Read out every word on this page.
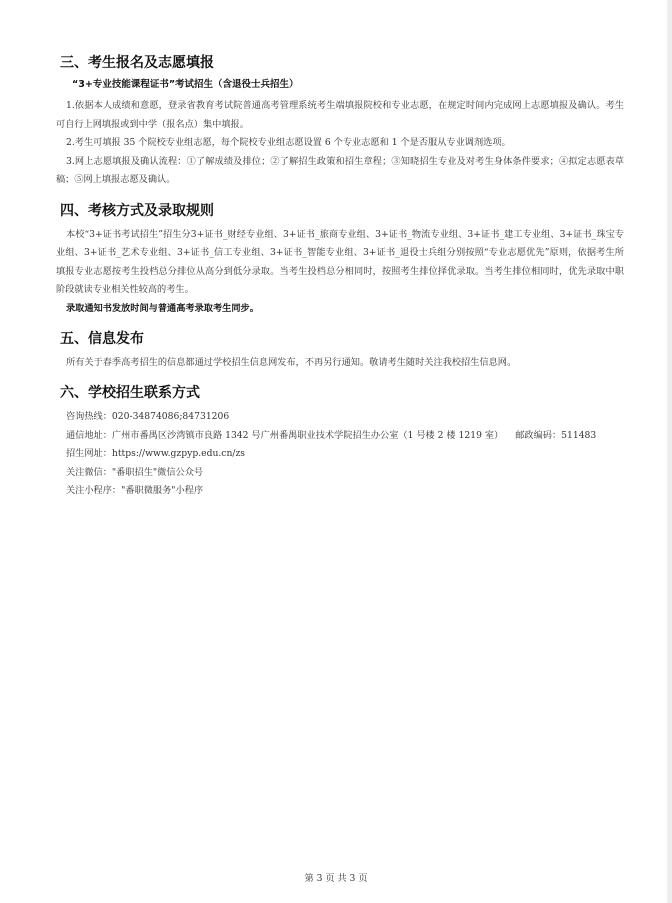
三、考生报名及志愿填报
“3+专业技能课程证书”考试招生（含退役士兵招生）
1.依据本人成绩和意愿，登录省教育考试院普通高考管理系统考生端填报院校和专业志愿，在规定时间内完成网上志愿填报及确认。考生可自行上网填报或到中学（报名点）集中填报。
2.考生可填报 35 个院校专业组志愿，每个院校专业组志愿设置 6 个专业志愿和 1 个是否服从专业调剂选项。
3.网上志愿填报及确认流程：①了解成绩及排位；②了解招生政策和招生章程；③知晓招生专业及对考生身体条件要求；④拟定志愿表草稿；⑤网上填报志愿及确认。
四、考核方式及录取规则
本校“3+证书考试招生”招生分3+证书_财经专业组、3+证书_旅商专业组、3+证书_物流专业组、3+证书_建工专业组、3+证书_珠宝专业组、3+证书_艺术专业组、3+证书_信工专业组、3+证书_智能专业组、3+证书_退役士兵组分别按照“专业志愿优先”原则，依据考生所填报专业志愿按考生投档总分排位从高分到低分录取。当考生投档总分相同时，按照考生排位择优录取。当考生排位相同时，优先录取中职阶段就读专业相关性较高的考生。
录取通知书发放时间与普通高考录取考生同步。
五、信息发布
所有关于春季高考招生的信息都通过学校招生信息网发布，不再另行通知。敬请考生随时关注我校招生信息网。
六、学校招生联系方式
咨询热线：020-34874086;84731206
通信地址：广州市番禺区沙湾镇市良路 1342 号广州番禺职业技术学院招生办公室（1 号楼 2 楼 1219 室） 邮政编码：511483
招生网址：https://www.gzpyp.edu.cn/zs
关注微信："番职招生"微信公众号
关注小程序："番职微服务"小程序
第 3 页 共 3 页
